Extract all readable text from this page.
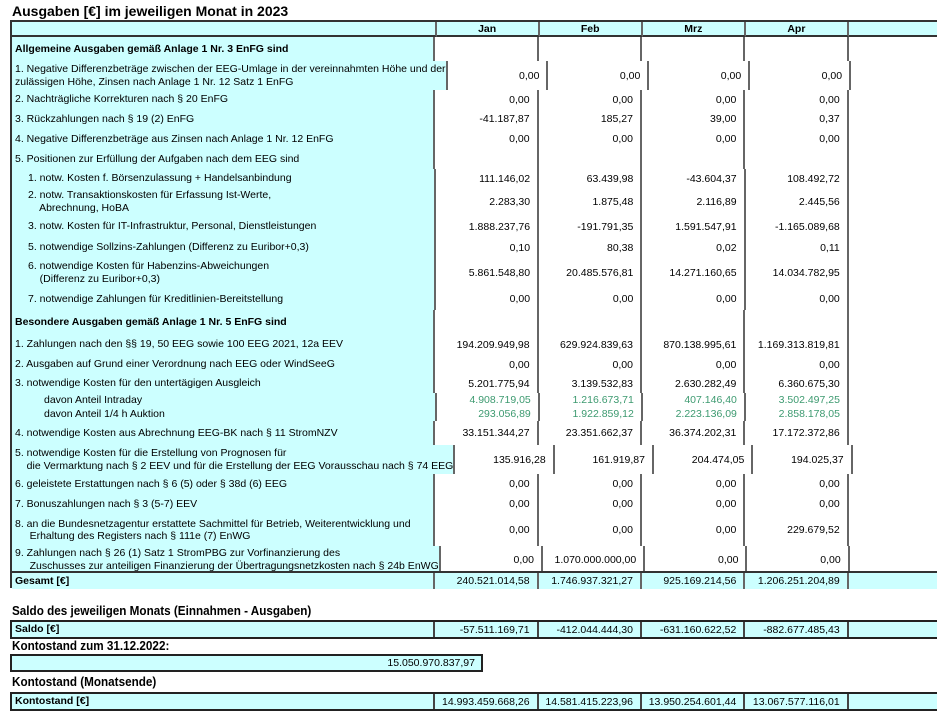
Ausgaben [€] im jeweiligen Monat in 2023
Jan	Feb	Mrz	Apr
Allgemeine Ausgaben gemäß Anlage 1 Nr. 3 EnFG sind
1. Negative Differenzbeträge zwischen der EEG-Umlage in der vereinnahmten Höhe und der
zulässigen Höhe, Zinsen nach Anlage 1 Nr. 12 Satz 1 EnFG	0,00	0,00	0,00	0,00
2. Nachträgliche Korrekturen nach § 20 EnFG	0,00	0,00	0,00	0,00
3. Rückzahlungen nach § 19 (2) EnFG	-41.187,87	185,27	39,00	0,37
4. Negative Differenzbeträge aus Zinsen nach Anlage 1 Nr. 12 EnFG	0,00	0,00	0,00	0,00
5. Positionen zur Erfüllung der Aufgaben nach dem EEG sind
1. notw. Kosten f. Börsenzulassung + Handelsanbindung	111.146,02	63.439,98	-43.604,37	108.492,72
2. notw. Transaktionskosten für Erfassung Ist-Werte,
Abrechnung, HoBA	2.283,30	1.875,48	2.116,89	2.445,56
3. notw. Kosten für IT-Infrastruktur, Personal, Dienstleistungen	1.888.237,76	-191.791,35	1.591.547,91	-1.165.089,68
5. notwendige Sollzins-Zahlungen (Differenz zu Euribor+0,3)	0,10	80,38	0,02	0,11
6. notwendige Kosten für Habenzins-Abweichungen
(Differenz zu Euribor+0,3)	5.861.548,80	20.485.576,81	14.271.160,65	14.034.782,95
7. notwendige Zahlungen für Kreditlinien-Bereitstellung	0,00	0,00	0,00	0,00
Besondere Ausgaben gemäß Anlage 1 Nr. 5 EnFG sind
1. Zahlungen nach den §§ 19, 50 EEG sowie 100 EEG 2021, 12a EEV	194.209.949,98	629.924.839,63	870.138.995,61	1.169.313.819,81
2. Ausgaben auf Grund einer Verordnung nach EEG oder WindSeeG	0,00	0,00	0,00	0,00
3. notwendige Kosten für den untertägigen Ausgleich	5.201.775,94	3.139.532,83	2.630.282,49	6.360.675,30
davon Anteil Intraday	4.908.719,05	1.216.673,71	407.146,40	3.502.497,25
davon Anteil 1/4 h Auktion	293.056,89	1.922.859,12	2.223.136,09	2.858.178,05
4. notwendige Kosten aus Abrechnung EEG-BK nach § 11 StromNZV	33.151.344,27	23.351.662,37	36.374.202,31	17.172.372,86
5. notwendige Kosten für die Erstellung von Prognosen für
die Vermarktung nach § 2 EEV und für die Erstellung der EEG Vorausschau nach § 74 EEG	135.916,28	161.919,87	204.474,05	194.025,37
6. geleistete Erstattungen nach § 6 (5) oder § 38d (6) EEG	0,00	0,00	0,00	0,00
7. Bonuszahlungen nach § 3 (5-7) EEV	0,00	0,00	0,00	0,00
8. an die Bundesnetzagentur erstattete Sachmittel für Betrieb, Weiterentwicklung und
Erhaltung des Registers nach § 111e (7) EnWG	0,00	0,00	0,00	229.679,52
9. Zahlungen nach § 26 (1) Satz 1 StromPBG zur Vorfinanzierung des
Zuschusses zur anteiligen Finanzierung der Übertragungsnetzkosten nach § 24b EnWG	0,00	1.070.000.000,00	0,00	0,00
Gesamt [€]	240.521.014,58	1.746.937.321,27	925.169.214,56	1.206.251.204,89
Saldo des jeweiligen Monats (Einnahmen - Ausgaben)
Saldo [€]	-57.511.169,71	-412.044.444,30	-631.160.622,52	-882.677.485,43
Kontostand zum 31.12.2022:
15.050.970.837,97
Kontostand (Monatsende)
Kontostand [€]	14.993.459.668,26	14.581.415.223,96	13.950.254.601,44	13.067.577.116,01
